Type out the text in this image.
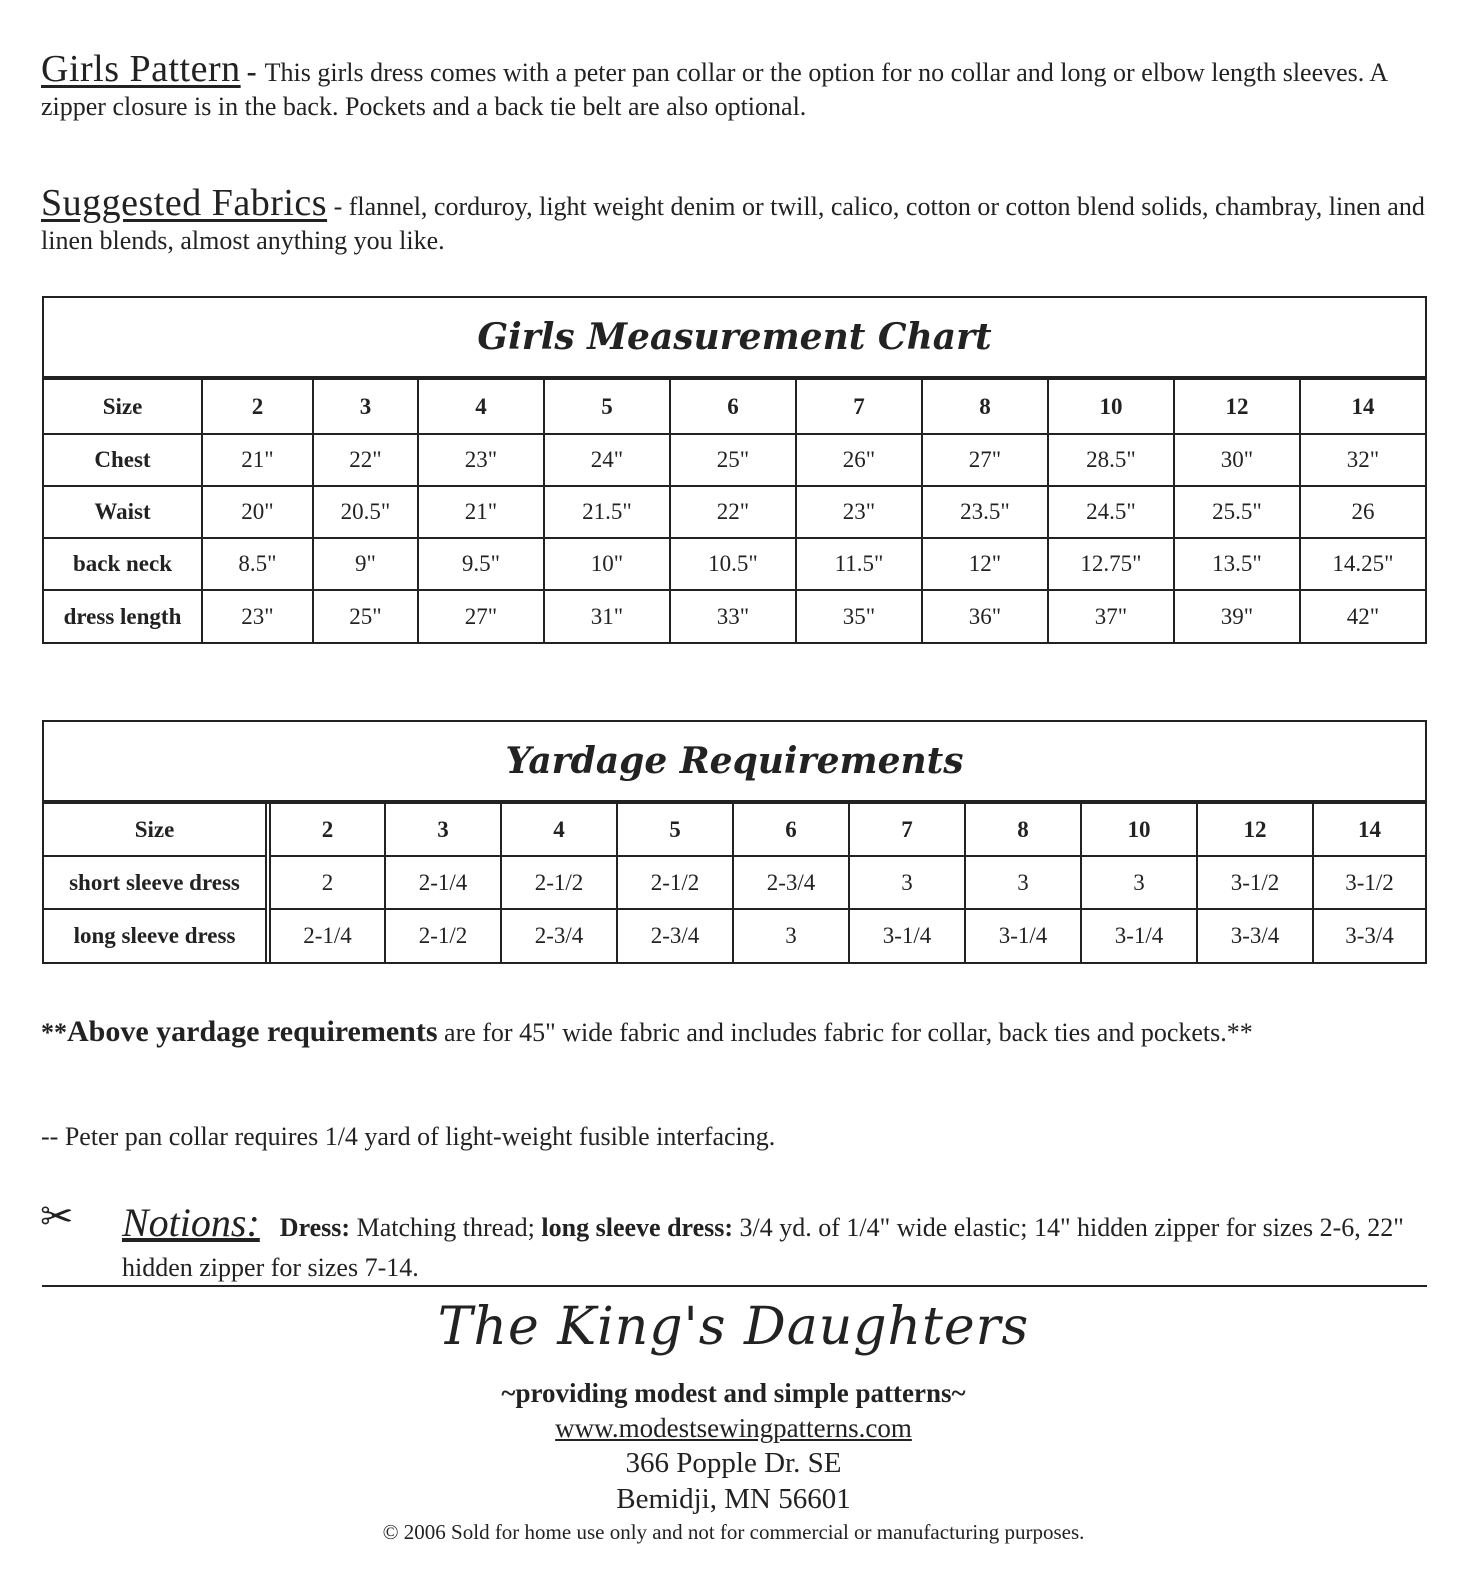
Girls Pattern - This girls dress comes with a peter pan collar or the option for no collar and long or elbow length sleeves. A zipper closure is in the back. Pockets and a back tie belt are also optional.
Suggested Fabrics - flannel, corduroy, light weight denim or twill, calico, cotton or cotton blend solids, chambray, linen and linen blends, almost anything you like.
Girls Measurement Chart
Size	2	3	4	5	6	7	8	10	12	14
Chest	21"	22"	23"	24"	25"	26"	27"	28.5"	30"	32"
Waist	20"	20.5"	21"	21.5"	22"	23"	23.5"	24.5"	25.5"	26
back neck	8.5"	9"	9.5"	10"	10.5"	11.5"	12"	12.75"	13.5"	14.25"
dress length	23"	25"	27"	31"	33"	35"	36"	37"	39"	42"
Yardage Requirements
Size	2	3	4	5	6	7	8	10	12	14
short sleeve dress	2	2-1/4	2-1/2	2-1/2	2-3/4	3	3	3	3-1/2	3-1/2
long sleeve dress	2-1/4	2-1/2	2-3/4	2-3/4	3	3-1/4	3-1/4	3-1/4	3-3/4	3-3/4
**Above yardage requirements are for 45" wide fabric and includes fabric for collar, back ties and pockets.**
-- Peter pan collar requires 1/4 yard of light-weight fusible interfacing.
✂ Notions: Dress: Matching thread; long sleeve dress: 3/4 yd. of 1/4" wide elastic; 14" hidden zipper for sizes 2-6, 22" hidden zipper for sizes 7-14.
The King's Daughters
~providing modest and simple patterns~
www.modestsewingpatterns.com
366 Popple Dr. SE
Bemidji, MN 56601
© 2006 Sold for home use only and not for commercial or manufacturing purposes.
